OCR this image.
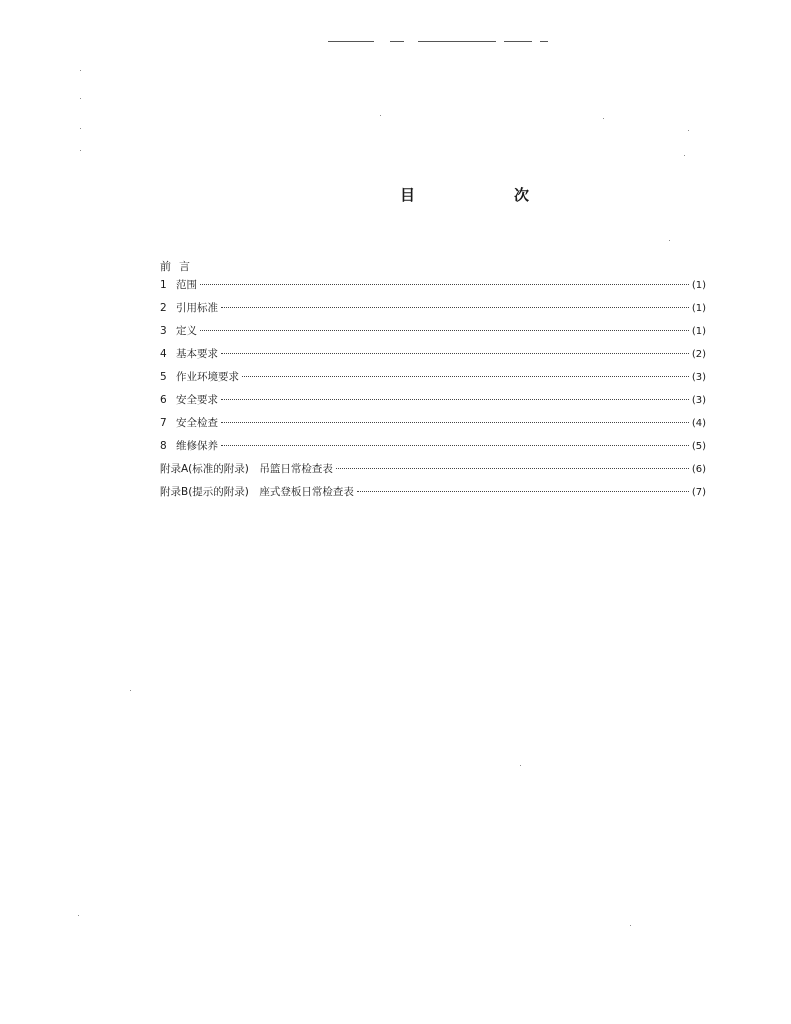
目　次
前言
1 范围	(1)
2 引用标准	(1)
3 定义	(1)
4 基本要求	(2)
5 作业环境要求	(3)
6 安全要求	(3)
7 安全检查	(4)
8 维修保养	(5)
附录A(标准的附录)　吊篮日常检查表	(6)
附录B(提示的附录)　座式登板日常检查表	(7)
